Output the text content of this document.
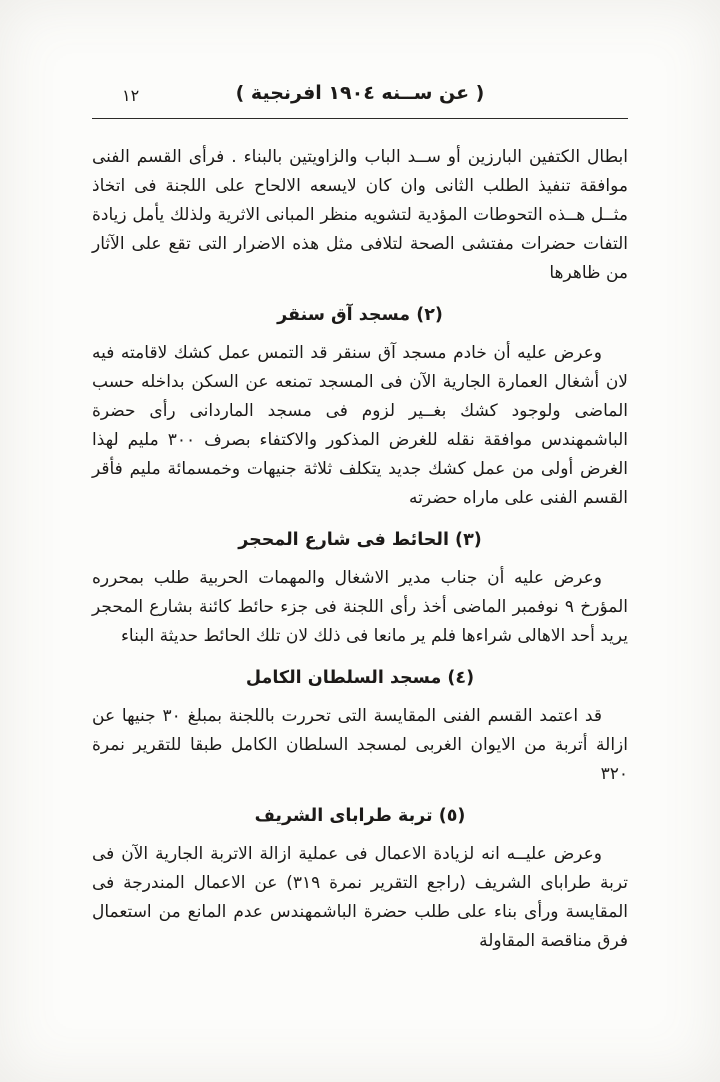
١٢	( عن ســنه ١٩٠٤ افرنجية )

ابطال الكتفين البارزين أو ســد الباب والزاويتين بالبناء . فرأى القسم الفنى موافقة تنفيذ الطلب الثانى وان كان لايسعه الالحاح على اللجنة فى اتخاذ مثــل هــذه التحوطات المؤدية لتشويه منظر المبانى الاثرية ولذلك يأمل زيادة التفات حضرات مفتشى الصحة لتلافى مثل هذه الاضرار التى تقع على الآثار من ظاهرها

(٢) مسجد آق سنقر

وعرض عليه أن خادم مسجد آق سنقر قد التمس عمل كشك لاقامته فيه لان أشغال العمارة الجارية الآن فى المسجد تمنعه عن السكن بداخله حسب الماضى ولوجود كشك بغــير لزوم فى مسجد الماردانى رأى حضرة الباشمهندس موافقة نقله للغرض المذكور والاكتفاء بصرف ٣٠٠ مليم لهذا الغرض أولى من عمل كشك جديد يتكلف ثلاثة جنيهات وخمسمائة مليم فأقر القسم الفنى على ماراه حضرته

(٣) الحائط فى شارع المحجر

وعرض عليه أن جناب مدير الاشغال والمهمات الحربية طلب بمحرره المؤرخ ٩ نوفمبر الماضى أخذ رأى اللجنة فى جزء حائط كائنة بشارع المحجر يريد أحد الاهالى شراءها فلم ير مانعا فى ذلك لان تلك الحائط حديثة البناء

(٤) مسجد السلطان الكامل

قد اعتمد القسم الفنى المقايسة التى تحررت باللجنة بمبلغ ٣٠ جنيها عن ازالة أتربة من الايوان الغربى لمسجد السلطان الكامل طبقا للتقرير نمرة ٣٢٠

(٥) تربة طراباى الشريف

وعرض عليــه انه لزيادة الاعمال فى عملية ازالة الاتربة الجارية الآن فى تربة طراباى الشريف (راجع التقرير نمرة ٣١٩) عن الاعمال المندرجة فى المقايسة ورأى بناء على طلب حضرة الباشمهندس عدم المانع من استعمال فرق مناقصة المقاولة
